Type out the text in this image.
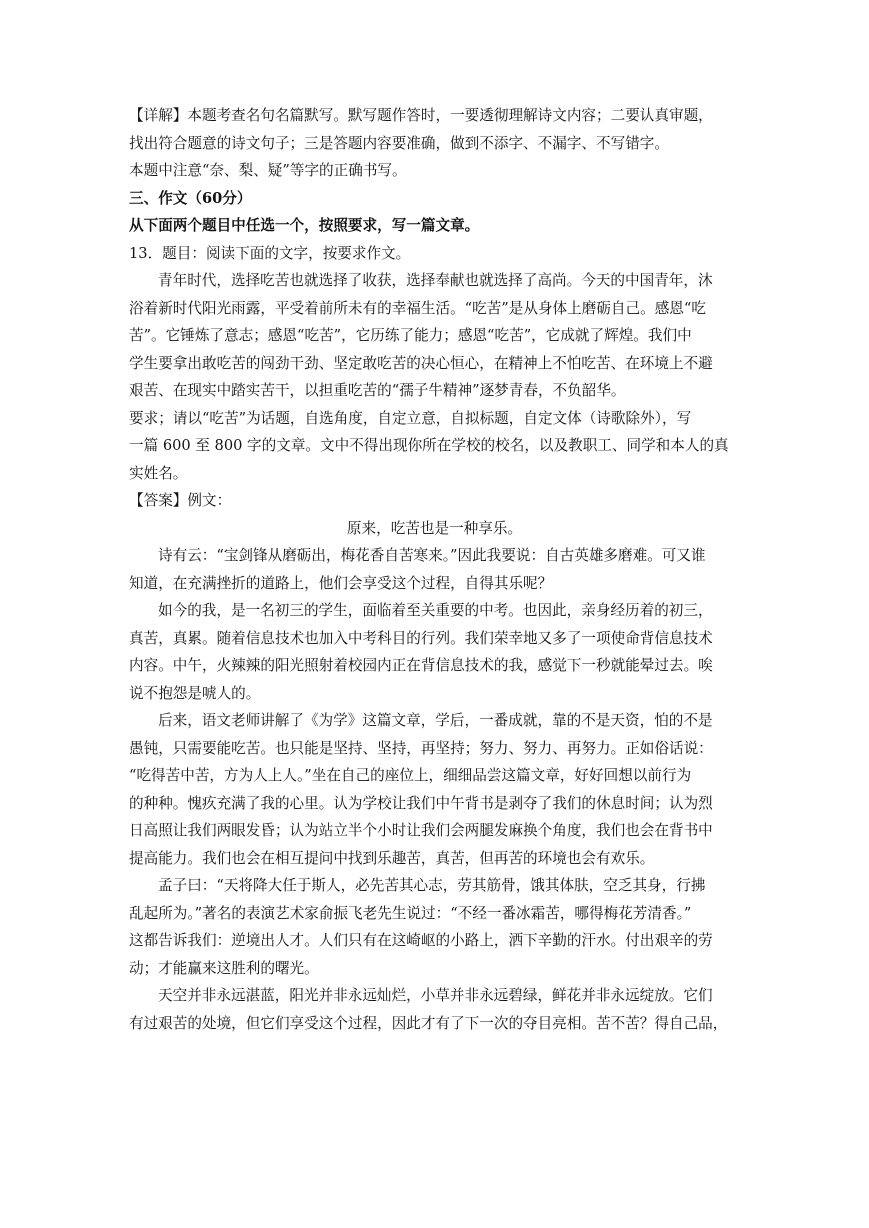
【详解】本题考查名句名篇默写。默写题作答时，一要透彻理解诗文内容；二要认真审题，
找出符合题意的诗文句子；三是答题内容要准确，做到不添字、不漏字、不写错字。
本题中注意“奈、梨、疑”等字的正确书写。
三、作文（60分）
从下面两个题目中任选一个，按照要求，写一篇文章。
13．题目：阅读下面的文字，按要求作文。
青年时代，选择吃苦也就选择了收获，选择奉献也就选择了高尚。今天的中国青年，沐
浴着新时代阳光雨露，平受着前所未有的幸福生活。“吃苦”是从身体上磨砺自己。感恩“吃
苦”。它锤炼了意志；感恩“吃苦”，它历练了能力；感恩“吃苦”，它成就了辉煌。我们中
学生要拿出敢吃苦的闯劲干劲、坚定敢吃苦的决心恒心，在精神上不怕吃苦、在环境上不避
艰苦、在现实中踏实苦干，以担重吃苦的“孺子牛精神”逐梦青春，不负韶华。
要求；请以“吃苦”为话题，自选角度，自定立意，自拟标题，自定文体（诗歌除外），写
一篇 600 至 800 字的文章。文中不得出现你所在学校的校名，以及教职工、同学和本人的真
实姓名。
【答案】例文：
原来，吃苦也是一种享乐。
诗有云：“宝剑锋从磨砺出，梅花香自苦寒来。”因此我要说：自古英雄多磨难。可又谁
知道，在充满挫折的道路上，他们会享受这个过程，自得其乐呢？
如今的我，是一名初三的学生，面临着至关重要的中考。也因此，亲身经历着的初三，
真苦，真累。随着信息技术也加入中考科目的行列。我们荣幸地又多了一项使命背信息技术
内容。中午，火辣辣的阳光照射着校园内正在背信息技术的我，感觉下一秒就能晕过去。唉
说不抱怨是唬人的。
后来，语文老师讲解了《为学》这篇文章，学后，一番成就，靠的不是天资，怕的不是
愚钝，只需要能吃苦。也只能是坚持、坚持，再坚持；努力、努力、再努力。正如俗话说：
“吃得苦中苦，方为人上人。”坐在自己的座位上，细细品尝这篇文章，好好回想以前行为
的种种。愧疚充满了我的心里。认为学校让我们中午背书是剥夺了我们的休息时间；认为烈
日高照让我们两眼发昏；认为站立半个小时让我们会两腿发麻换个角度，我们也会在背书中
提高能力。我们也会在相互提问中找到乐趣苦，真苦，但再苦的环境也会有欢乐。
孟子曰：“天将降大任于斯人，必先苦其心志，劳其筋骨，饿其体肤，空乏其身，行拂
乱起所为。”著名的表演艺术家俞振飞老先生说过：“不经一番冰霜苦，哪得梅花芳清香。”
这都告诉我们：逆境出人才。人们只有在这崎岖的小路上，洒下辛勤的汗水。付出艰辛的劳
动；才能赢来这胜利的曙光。
天空并非永远湛蓝，阳光并非永远灿烂，小草并非永远碧绿，鲜花并非永远绽放。它们
有过艰苦的处境，但它们享受这个过程，因此才有了下一次的夺目亮相。苦不苦？得自己品，
